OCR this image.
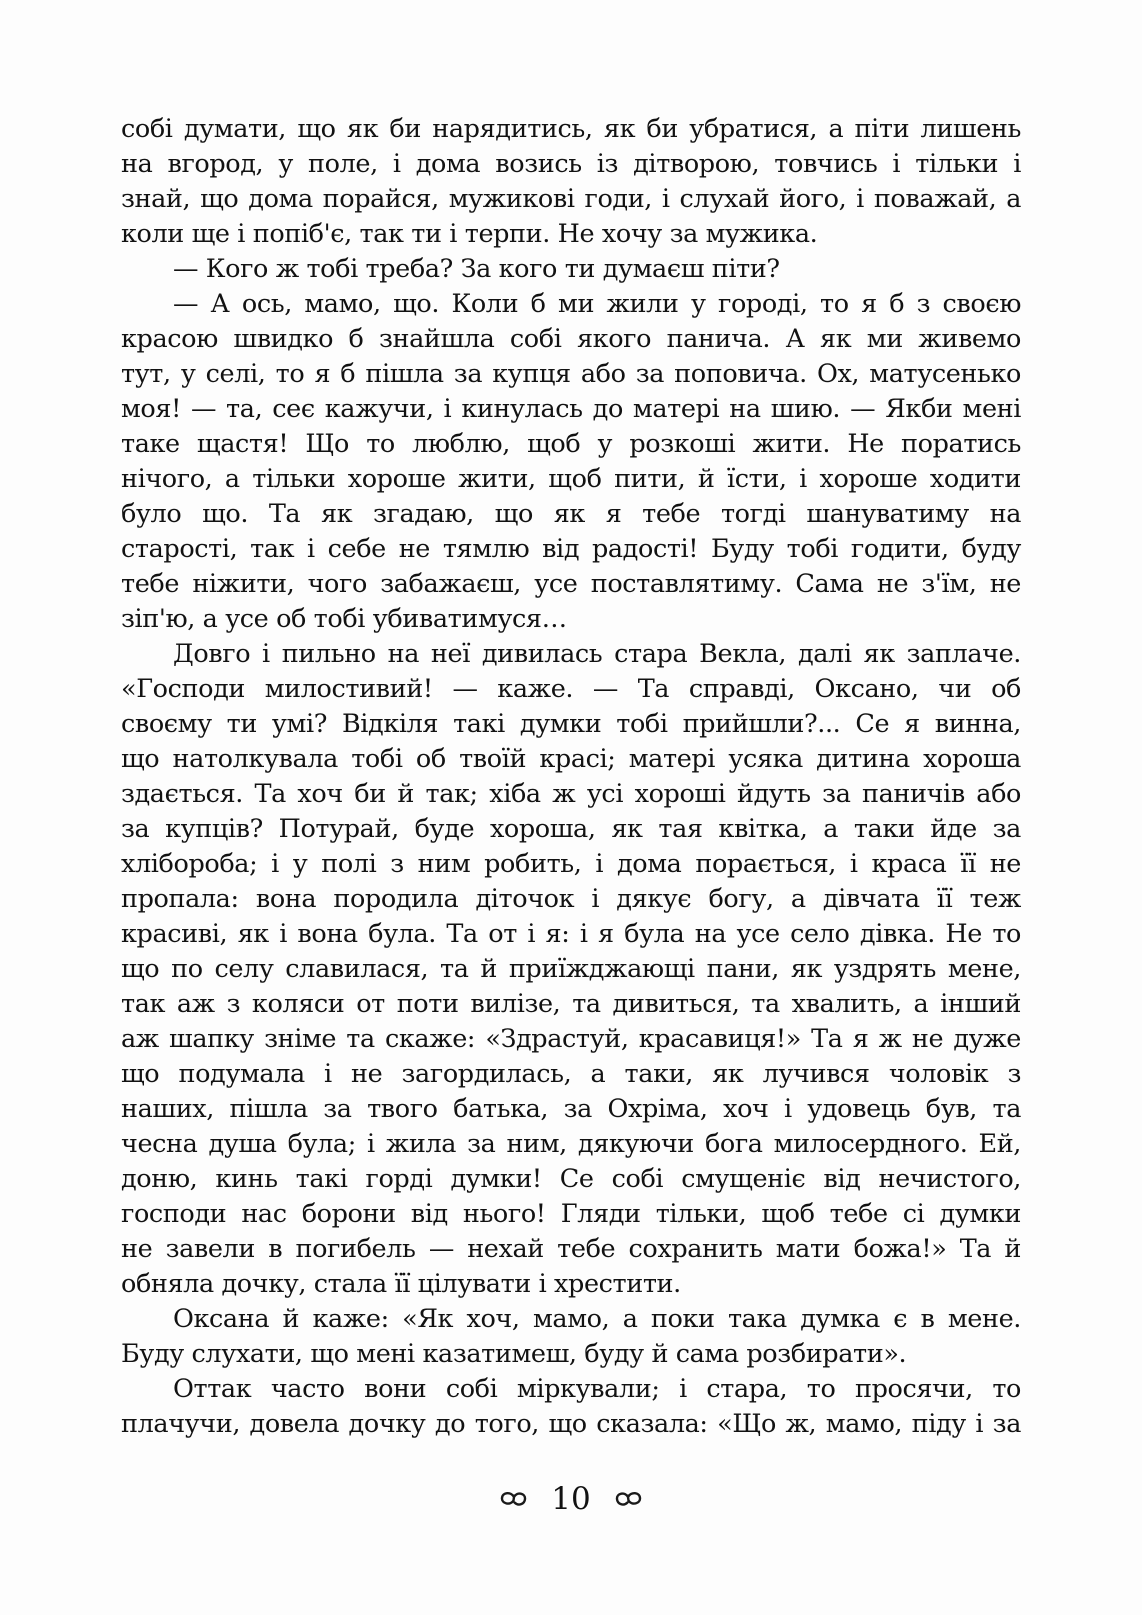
собі думати, що як би нарядитись, як би убратися, а піти лишень
на вгород, у поле, і дома возись із дітворою, товчись і тільки і
знай, що дома порайся, мужикові годи, і слухай його, і поважай, а
коли ще і попіб'є, так ти і терпи. Не хочу за мужика.
— Кого ж тобі треба? За кого ти думаєш піти?
— А ось, мамо, що. Коли б ми жили у городі, то я б з своєю
красою швидко б знайшла собі якого панича. А як ми живемо
тут, у селі, то я б пішла за купця або за поповича. Ох, матусенько
моя! — та, сеє кажучи, і кинулась до матері на шию. — Якби мені
таке щастя! Що то люблю, щоб у розкоші жити. Не поратись
нічого, а тільки хороше жити, щоб пити, й їсти, і хороше ходити
було що. Та як згадаю, що як я тебе тогді шануватиму на
старості, так і себе не тямлю від радості! Буду тобі годити, буду
тебе ніжити, чого забажаєш, усе поставлятиму. Сама не з'їм, не
зіп'ю, а усе об тобі убиватимуся…
Довго і пильно на неї дивилась стара Векла, далі як заплаче.
«Господи милостивий! — каже. — Та справді, Оксано, чи об
своєму ти умі? Відкіля такі думки тобі прийшли?... Се я винна,
що натолкувала тобі об твоїй красі; матері усяка дитина хороша
здається. Та хоч би й так; хіба ж усі хороші йдуть за паничів або
за купців? Потурай, буде хороша, як тая квітка, а таки йде за
хлібороба; і у полі з ним робить, і дома порається, і краса її не
пропала: вона породила діточок і дякує богу, а дівчата її теж
красиві, як і вона була. Та от і я: і я була на усе село дівка. Не то
що по селу славилася, та й приїжджающі пани, як уздрять мене,
так аж з коляси от поти вилізе, та дивиться, та хвалить, а інший
аж шапку зніме та скаже: «Здрастуй, красавиця!» Та я ж не дуже
що подумала і не загордилась, а таки, як лучився чоловік з
наших, пішла за твого батька, за Охріма, хоч і удовець був, та
чесна душа була; і жила за ним, дякуючи бога милосердного. Ей,
доню, кинь такі горді думки! Се собі смущеніє від нечистого,
господи нас борони від нього! Гляди тільки, щоб тебе сі думки
не завели в погибель — нехай тебе сохранить мати божа!» Та й
обняла дочку, стала її цілувати і хрестити.
Оксана й каже: «Як хоч, мамо, а поки така думка є в мене.
Буду слухати, що мені казатимеш, буду й сама розбирати».
Оттак часто вони собі міркували; і стара, то просячи, то
плачучи, довела дочку до того, що сказала: «Що ж, мамо, піду і за
10
